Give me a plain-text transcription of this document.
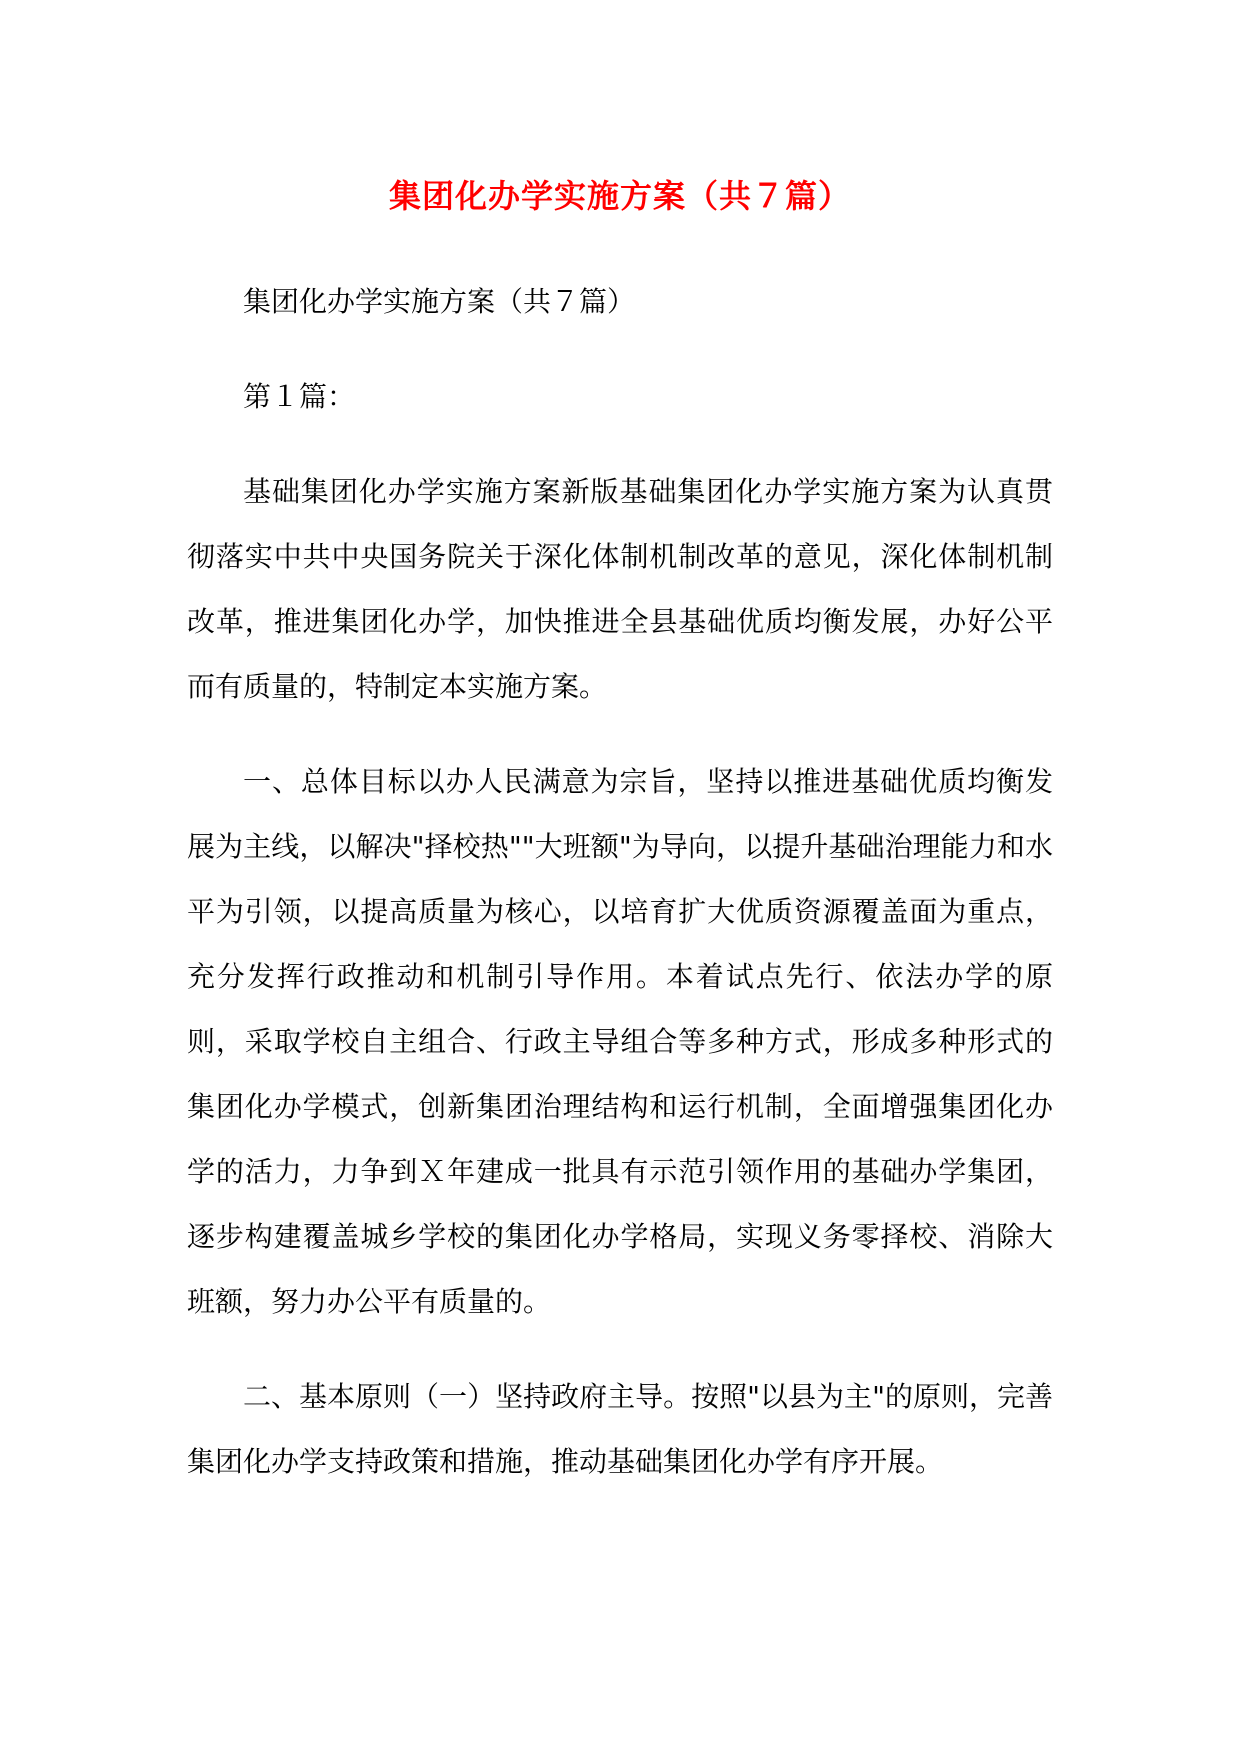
集团化办学实施方案（共７篇）

集团化办学实施方案（共７篇）

第１篇：

基础集团化办学实施方案新版基础集团化办学实施方案为认真贯彻落实中共中央国务院关于深化体制机制改革的意见，深化体制机制改革，推进集团化办学，加快推进全县基础优质均衡发展，办好公平而有质量的，特制定本实施方案。

一、总体目标以办人民满意为宗旨，坚持以推进基础优质均衡发展为主线，以解决"择校热""大班额"为导向，以提升基础治理能力和水平为引领，以提高质量为核心，以培育扩大优质资源覆盖面为重点，充分发挥行政推动和机制引导作用。本着试点先行、依法办学的原则，采取学校自主组合、行政主导组合等多种方式，形成多种形式的集团化办学模式，创新集团治理结构和运行机制，全面增强集团化办学的活力，力争到Ｘ年建成一批具有示范引领作用的基础办学集团，逐步构建覆盖城乡学校的集团化办学格局，实现义务零择校、消除大班额，努力办公平有质量的。

二、基本原则（一）坚持政府主导。按照"以县为主"的原则，完善集团化办学支持政策和措施，推动基础集团化办学有序开展。
